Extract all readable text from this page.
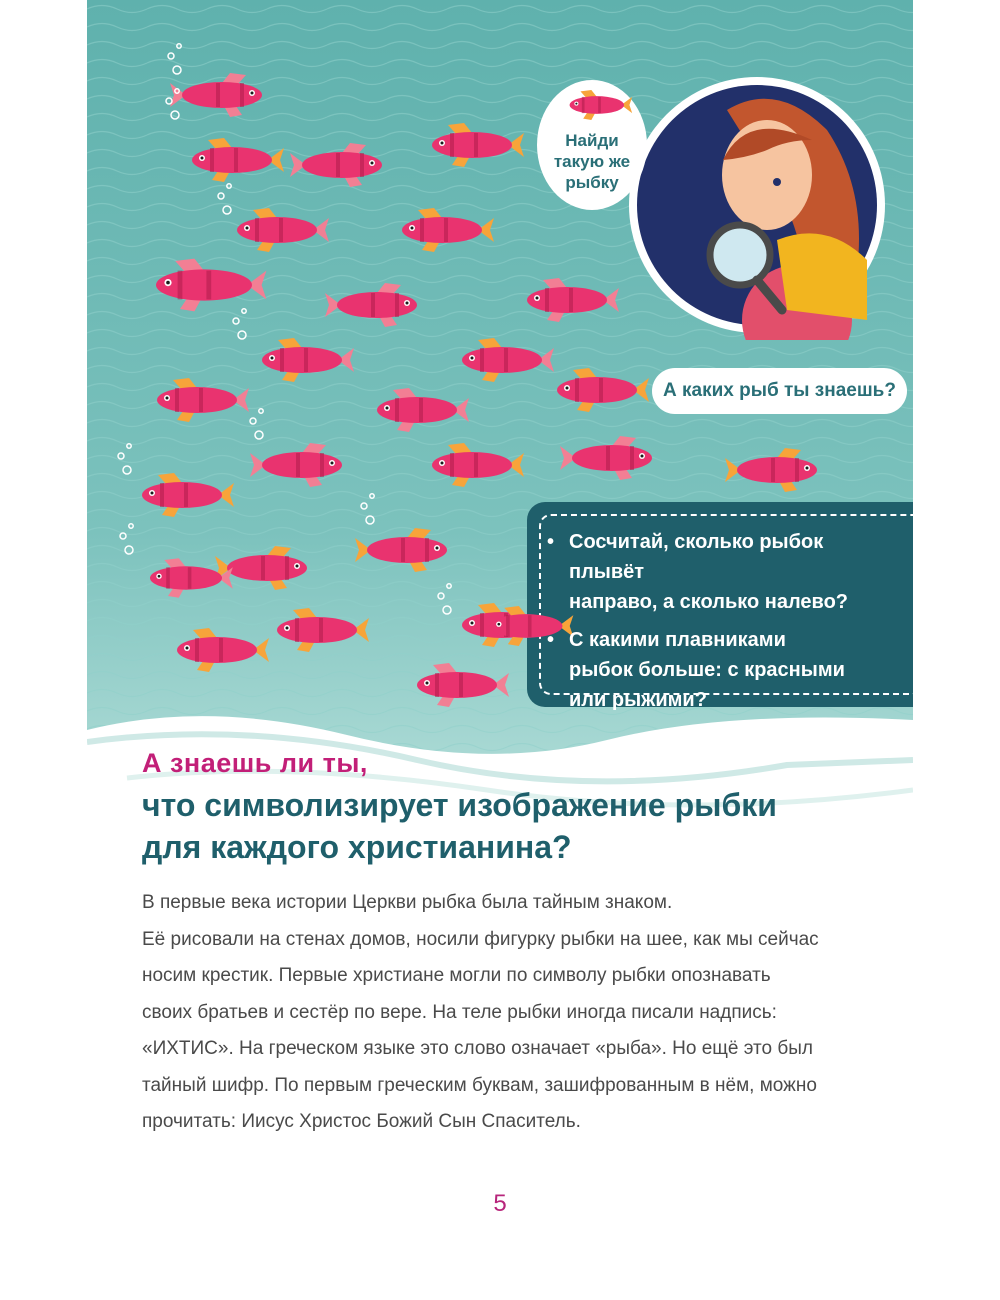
Найди
такую же
рыбку
А каких рыб ты знаешь?
• Сосчитай, сколько рыбок плывёт
направо, а сколько налево?
• С какими плавниками
рыбок больше: с красными
или рыжими?
А знаешь ли ты,
что символизирует изображение рыбки
для каждого христианина?
В первые века истории Церкви рыбка была тайным знаком.
Её рисовали на стенах домов, носили фигурку рыбки на шее, как мы сейчас
носим крестик. Первые христиане могли по символу рыбки опознавать
своих братьев и сестёр по вере. На теле рыбки иногда писали надпись:
«ИХТИС». На греческом языке это слово означает «рыба». Но ещё это был
тайный шифр. По первым греческим буквам, зашифрованным в нём, можно
прочитать: Иисус Христос Божий Сын Спаситель.
5
